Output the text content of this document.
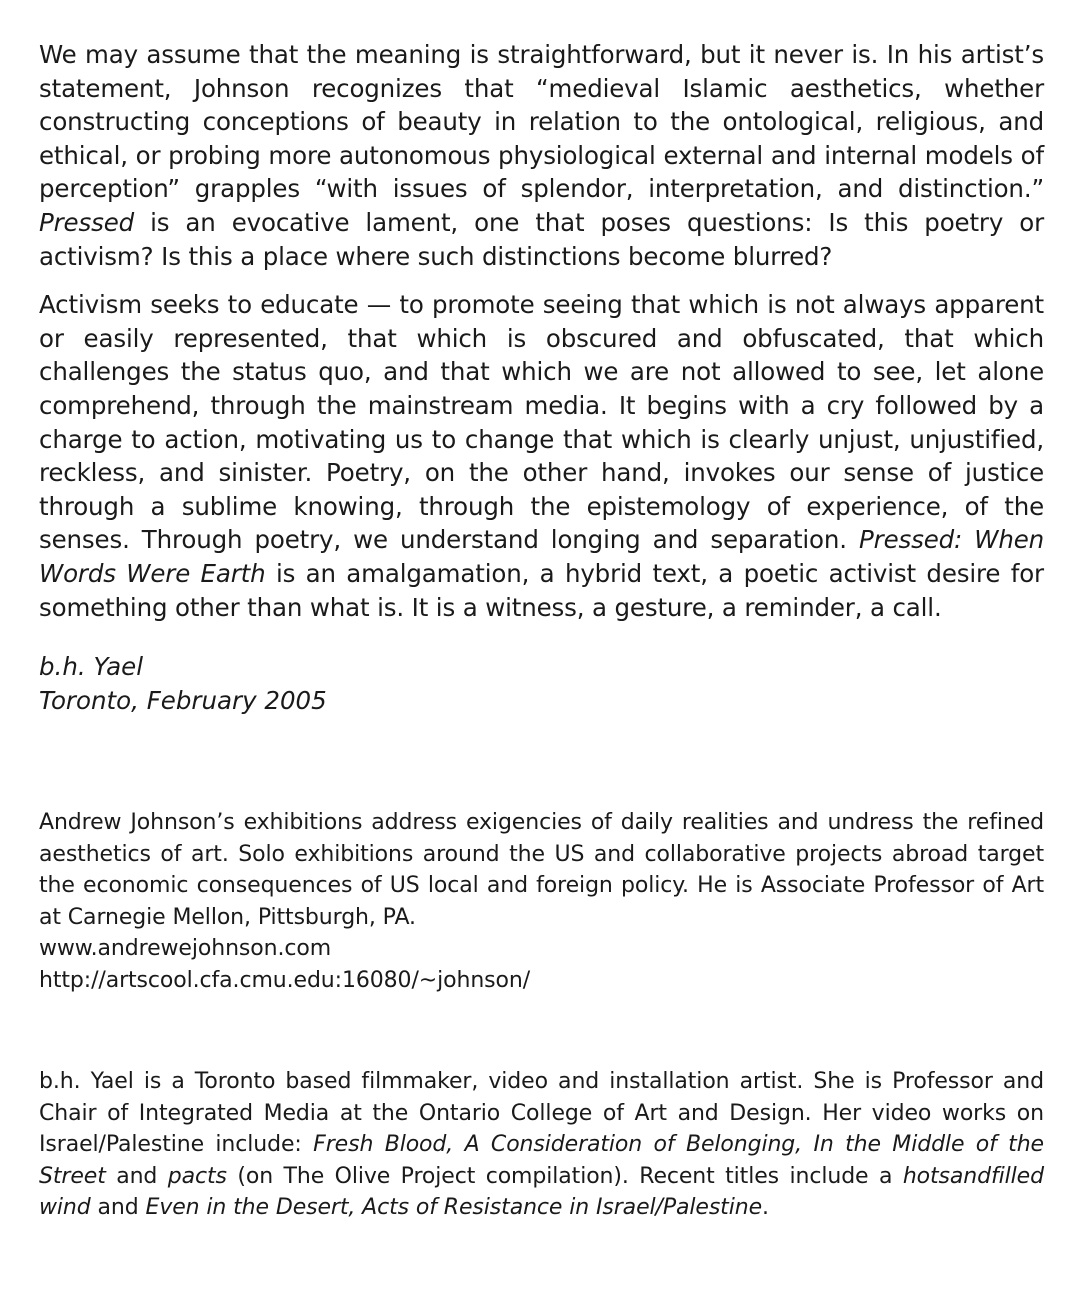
We may assume that the meaning is straightforward, but it never is. In his artist’s statement, Johnson recognizes that “medieval Islamic aesthetics, whether constructing conceptions of beauty in relation to the ontological, religious, and ethical, or probing more autonomous physiological external and internal models of perception” grapples “with issues of splendor, interpretation, and distinction.” Pressed is an evocative lament, one that poses questions: Is this poetry or activism? Is this a place where such distinctions become blurred?

Activism seeks to educate — to promote seeing that which is not always apparent or easily represented, that which is obscured and obfuscated, that which challenges the status quo, and that which we are not allowed to see, let alone comprehend, through the mainstream media. It begins with a cry followed by a charge to action, motivating us to change that which is clearly unjust, unjustified, reckless, and sinister. Poetry, on the other hand, invokes our sense of justice through a sublime knowing, through the epistemology of experience, of the senses. Through poetry, we understand longing and separation. Pressed: When Words Were Earth is an amalgamation, a hybrid text, a poetic activist desire for something other than what is. It is a witness, a gesture, a reminder, a call.

b.h. Yael
Toronto, February 2005

Andrew Johnson’s exhibitions address exigencies of daily realities and undress the refined aesthetics of art. Solo exhibitions around the US and collaborative projects abroad target the economic consequences of US local and foreign policy. He is Associate Professor of Art at Carnegie Mellon, Pittsburgh, PA.

www.andrewejohnson.com
http://artscool.cfa.cmu.edu:16080/~johnson/

b.h. Yael is a Toronto based filmmaker, video and installation artist. She is Professor and Chair of Integrated Media at the Ontario College of Art and Design. Her video works on Israel/Palestine include: Fresh Blood, A Consideration of Belonging, In the Middle of the Street and pacts (on The Olive Project compilation). Recent titles include a hotsandfilled wind and Even in the Desert, Acts of Resistance in Israel/Palestine.
